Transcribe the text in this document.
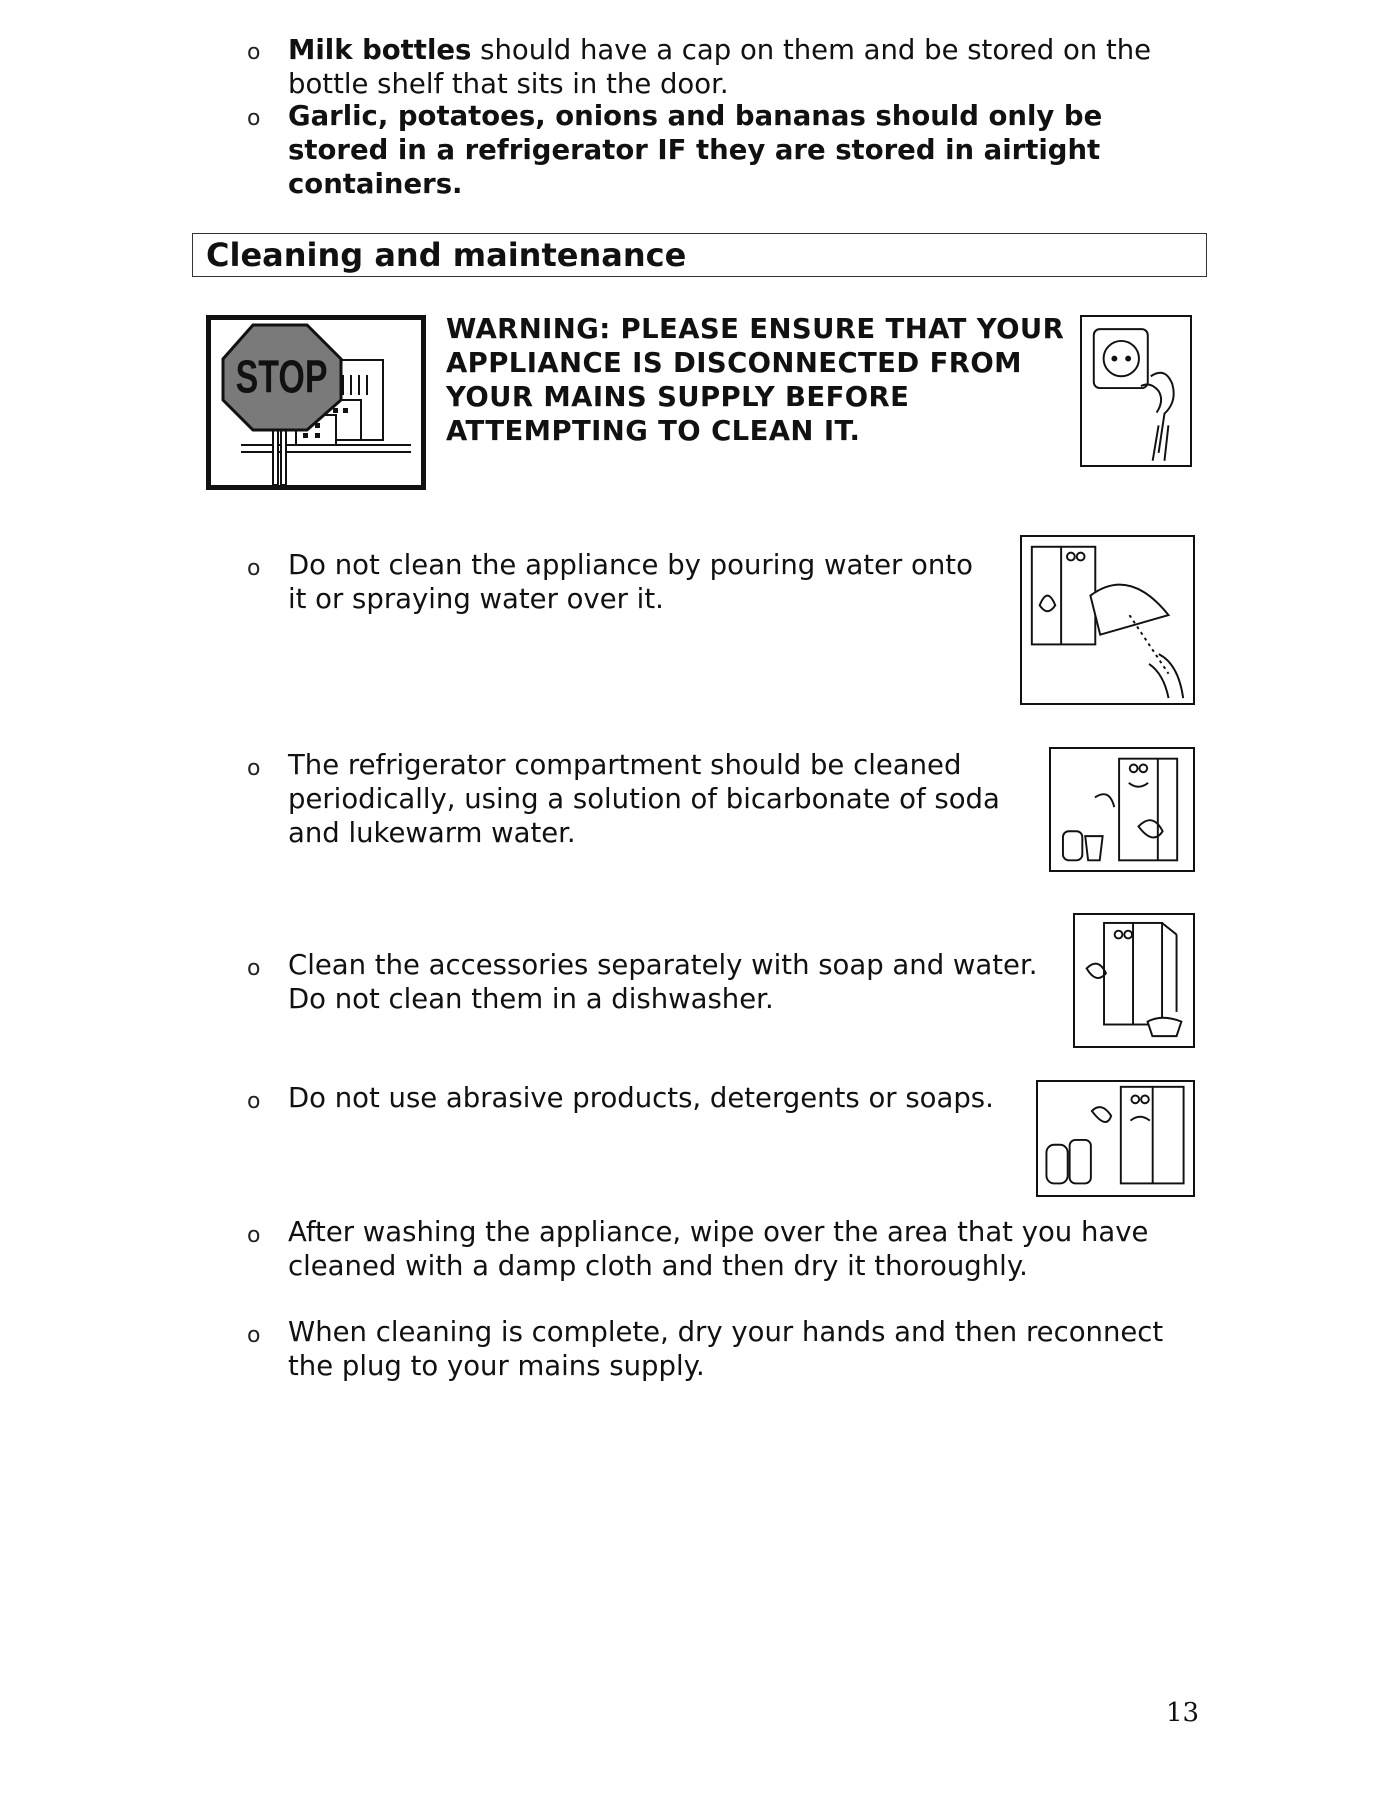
o Milk bottles should have a cap on them and be stored on the
bottle shelf that sits in the door.
o Garlic, potatoes, onions and bananas should only be
stored in a refrigerator IF they are stored in airtight
containers.
Cleaning and maintenance
STOP
WARNING: PLEASE ENSURE THAT YOUR
APPLIANCE IS DISCONNECTED FROM
YOUR MAINS SUPPLY BEFORE
ATTEMPTING TO CLEAN IT.
o Do not clean the appliance by pouring water onto
it or spraying water over it.
o The refrigerator compartment should be cleaned
periodically, using a solution of bicarbonate of soda
and lukewarm water.
o Clean the accessories separately with soap and water.
Do not clean them in a dishwasher.
o Do not use abrasive products, detergents or soaps.
o After washing the appliance, wipe over the area that you have
cleaned with a damp cloth and then dry it thoroughly.
o When cleaning is complete, dry your hands and then reconnect
the plug to your mains supply.
13
